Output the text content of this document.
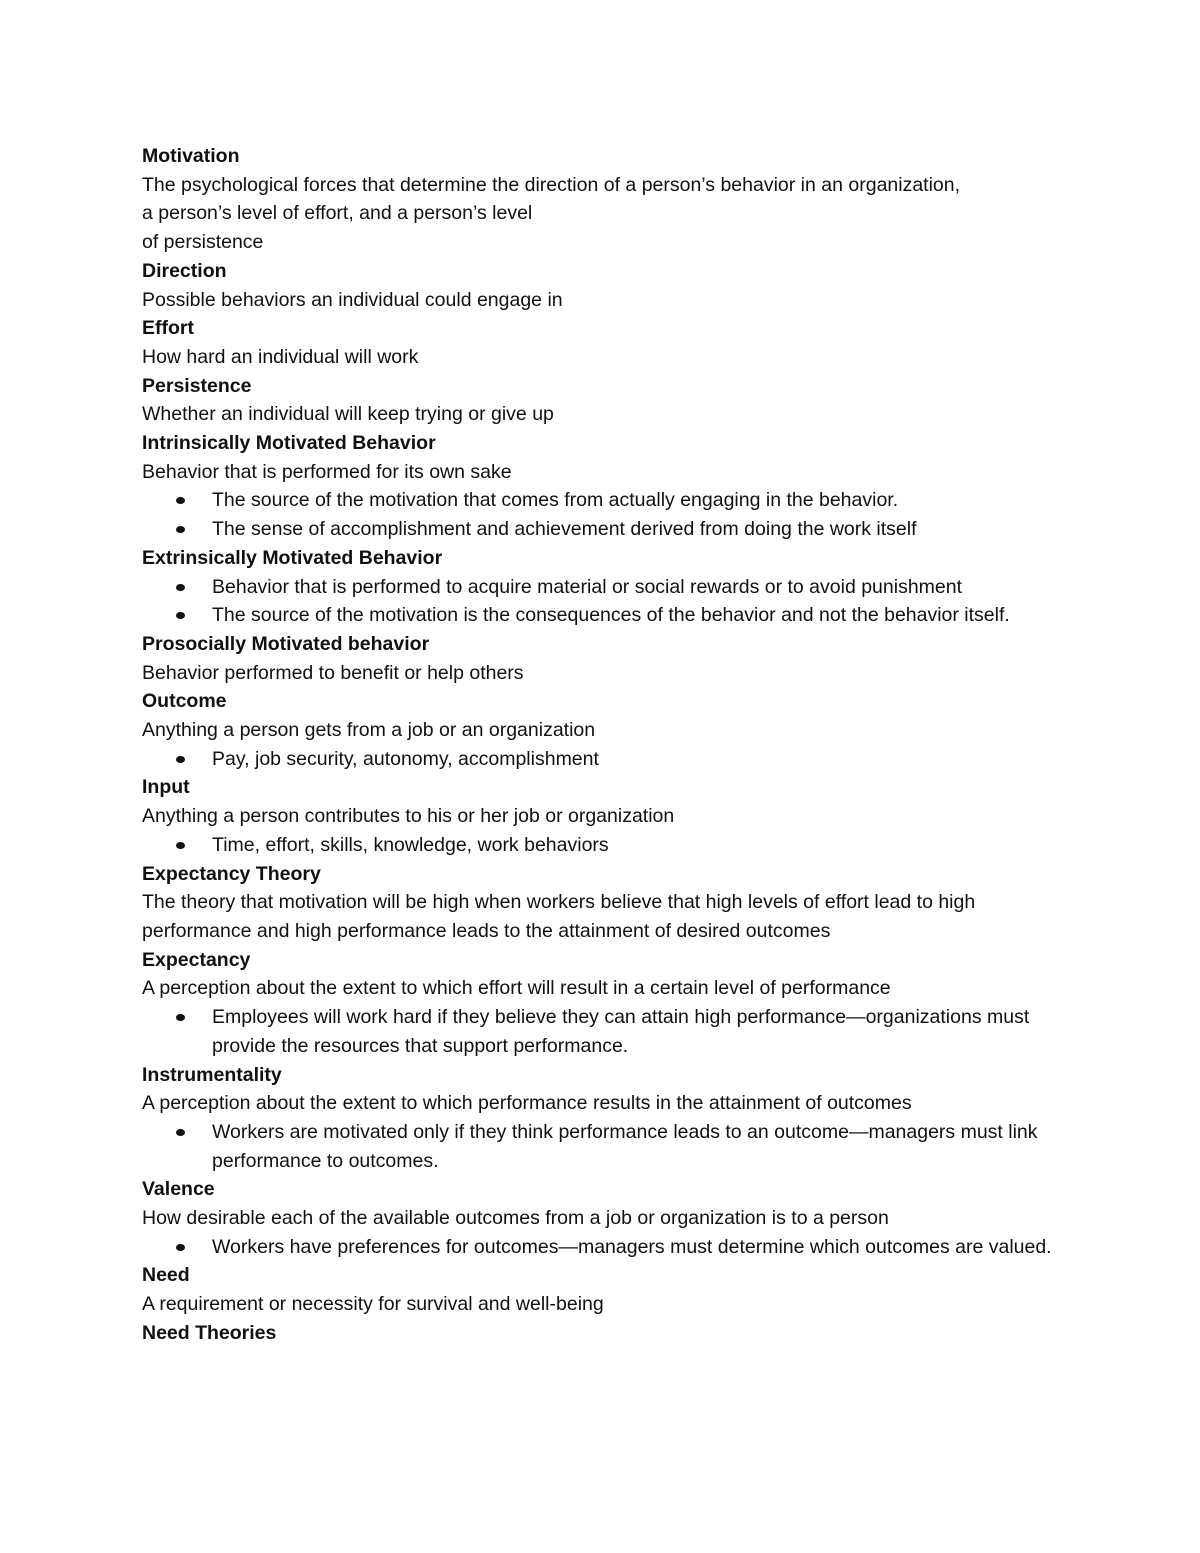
Motivation

The psychological forces that determine the direction of a person’s behavior in an organization,

a person’s level of effort, and a person’s level

of persistence

Direction

Possible behaviors an individual could engage in

Effort

How hard an individual will work

Persistence

Whether an individual will keep trying or give up

Intrinsically Motivated Behavior

Behavior that is performed for its own sake

The source of the motivation that comes from actually engaging in the behavior.
The sense of accomplishment and achievement derived from doing the work itself

Extrinsically Motivated Behavior

Behavior that is performed to acquire material or social rewards or to avoid punishment
The source of the motivation is the consequences of the behavior and not the behavior itself.

Prosocially Motivated behavior

Behavior performed to benefit or help others

Outcome

Anything a person gets from a job or an organization

Pay, job security, autonomy, accomplishment

Input

Anything a person contributes to his or her job or organization

Time, effort, skills, knowledge, work behaviors

Expectancy Theory

The theory that motivation will be high when workers believe that high levels of effort lead to high performance and high performance leads to the attainment of desired outcomes

Expectancy

A perception about the extent to which effort will result in a certain level of performance

Employees will work hard if they believe they can attain high performance—organizations must provide the resources that support performance.

Instrumentality

A perception about the extent to which performance results in the attainment of outcomes

Workers are motivated only if they think performance leads to an outcome—managers must link performance to outcomes.

Valence

How desirable each of the available outcomes from a job or organization is to a person

Workers have preferences for outcomes—managers must determine which outcomes are valued.

Need

A requirement or necessity for survival and well-being

Need Theories
